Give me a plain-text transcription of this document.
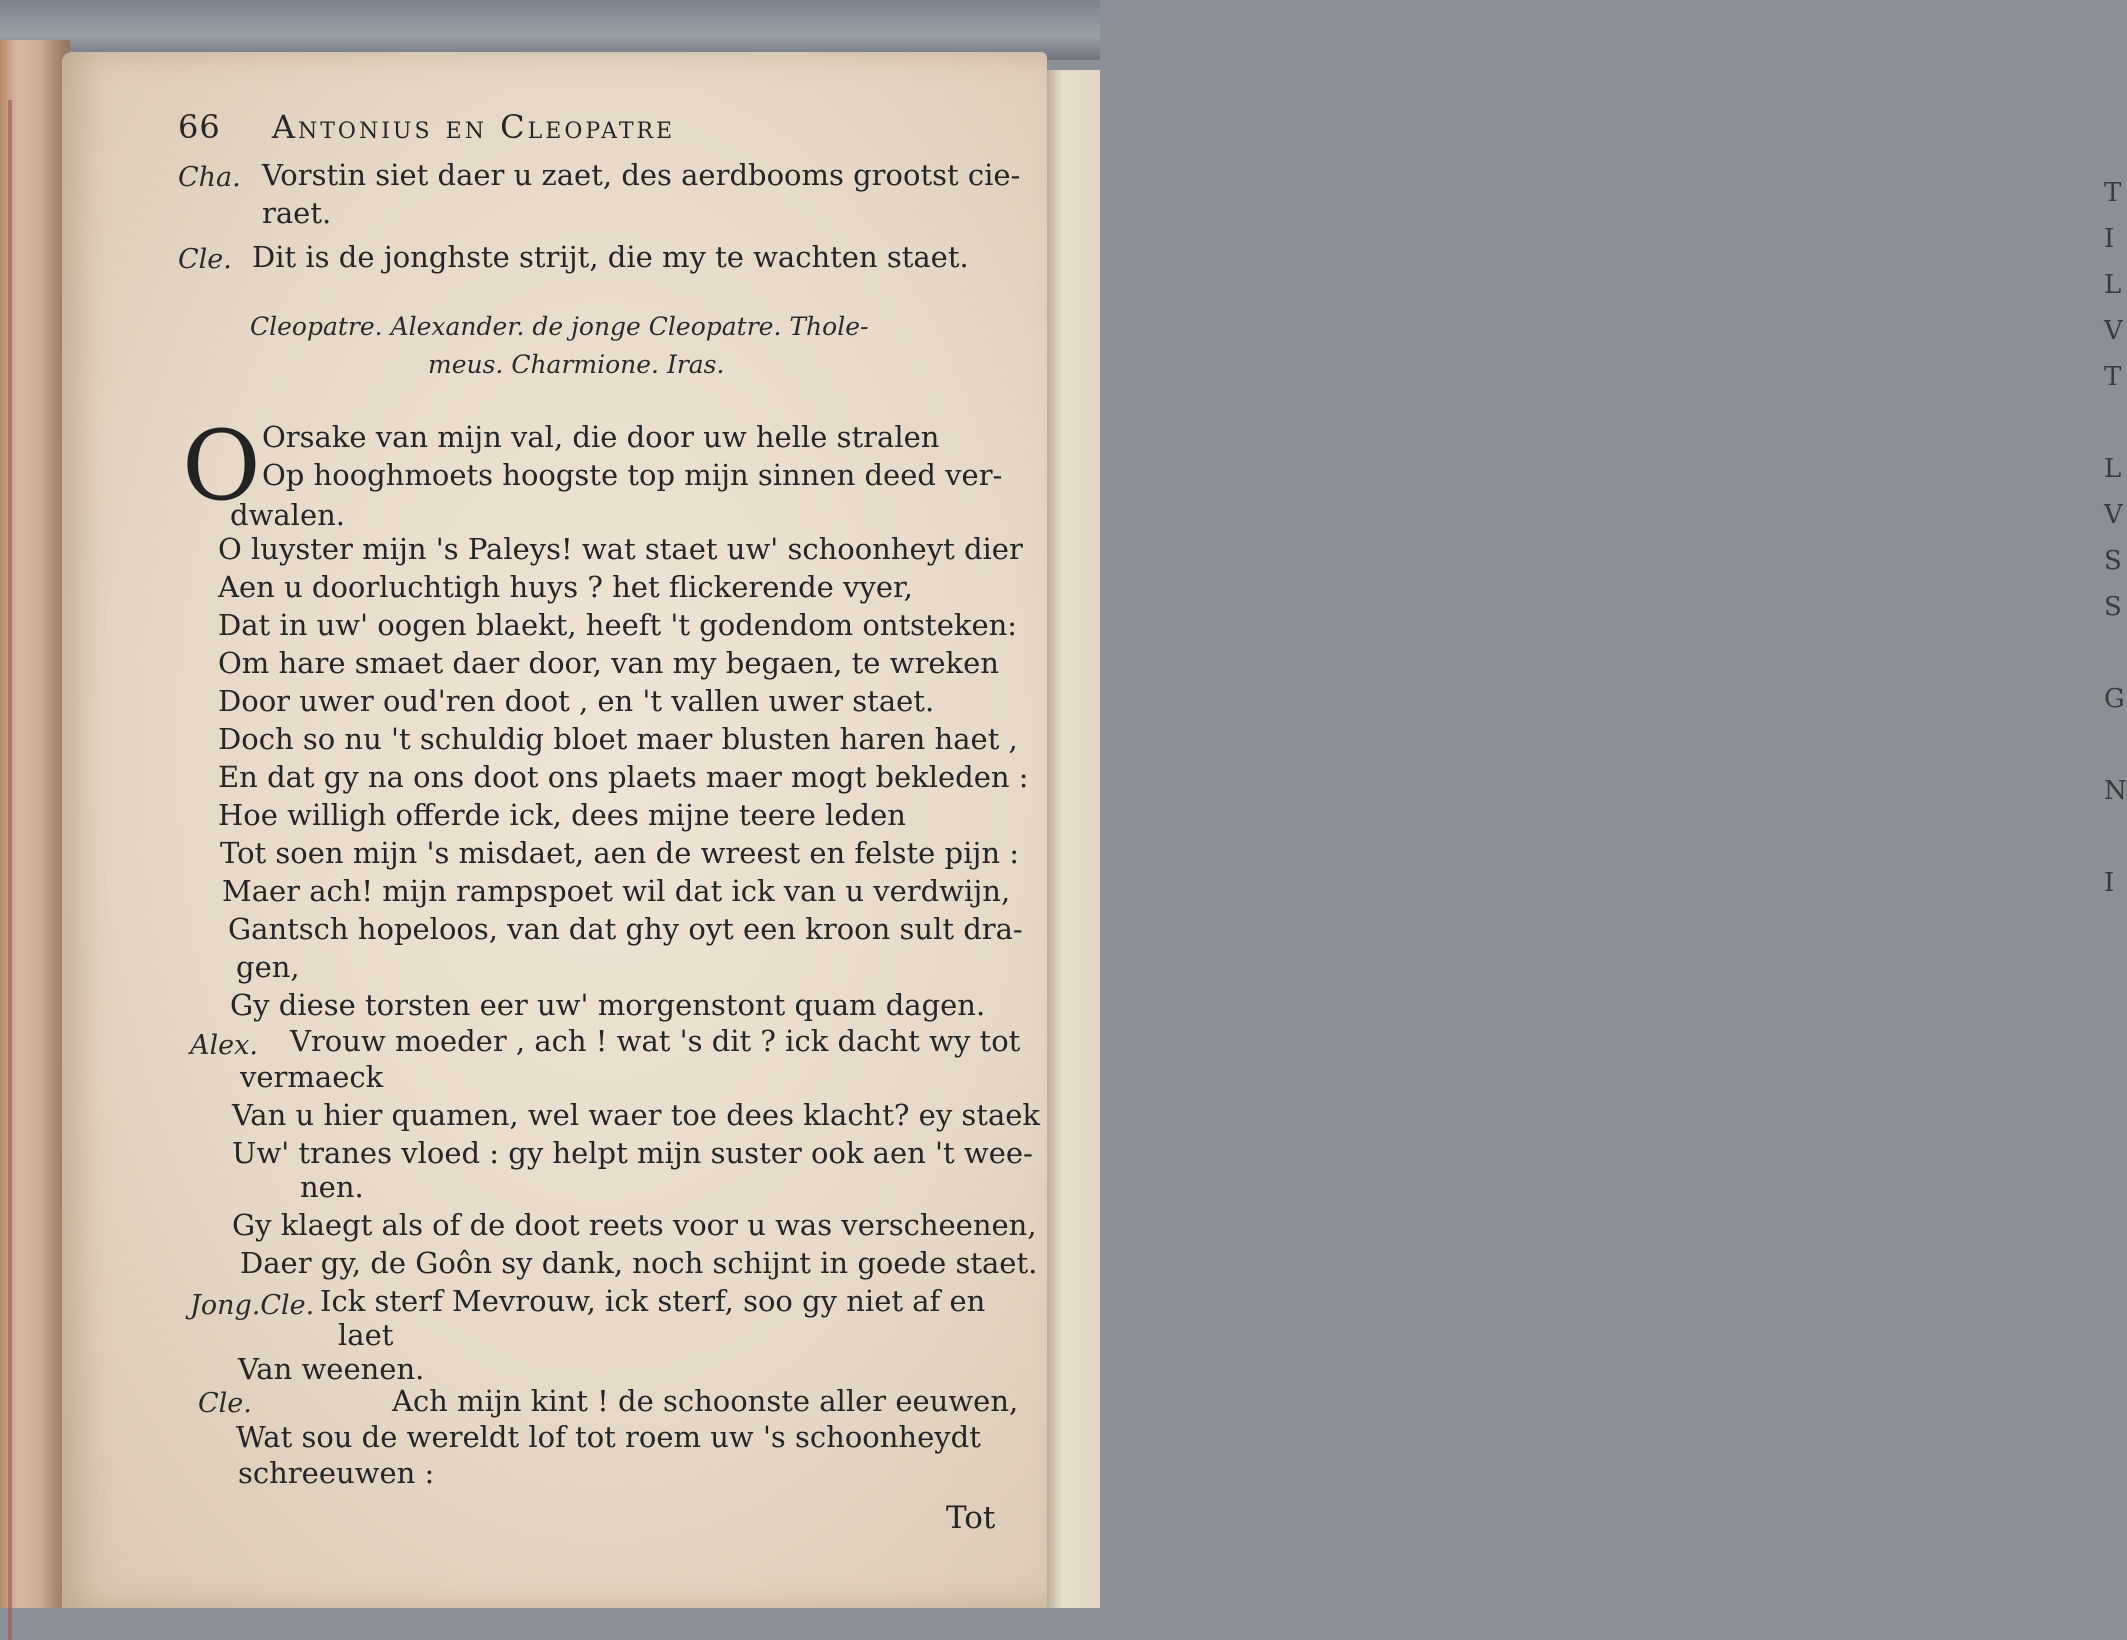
T
I
L
V
T

L
V
S
S

G

N

I
66 Antonius en Cleopatre
Cha. Vorstin siet daer u zaet, des aerdbooms grootst cie-
raet.
Cle. Dit is de jonghste strijt, die my te wachten staet.
Cleopatre. Alexander. de jonge Cleopatre. Thole-
meus. Charmione. Iras.
O Orsake van mijn val, die door uw helle stralen
Op hooghmoets hoogste top mijn sinnen deed ver-
dwalen.
O luyster mijn 's Paleys! wat staet uw' schoonheyt dier
Aen u doorluchtigh huys ? het flickerende vyer,
Dat in uw' oogen blaekt, heeft 't godendom ontsteken:
Om hare smaet daer door, van my begaen, te wreken
Door uwer oud'ren doot , en 't vallen uwer staet.
Doch so nu 't schuldig bloet maer blusten haren haet ,
En dat gy na ons doot ons plaets maer mogt bekleden :
Hoe willigh offerde ick, dees mijne teere leden
Tot soen mijn 's misdaet, aen de wreest en felste pijn :
Maer ach! mijn rampspoet wil dat ick van u verdwijn,
Gantsch hopeloos, van dat ghy oyt een kroon sult dra-
gen,
Gy diese torsten eer uw' morgenstont quam dagen.
Alex. Vrouw moeder , ach ! wat 's dit ? ick dacht wy tot
vermaeck
Van u hier quamen, wel waer toe dees klacht? ey staek
Uw' tranes vloed : gy helpt mijn suster ook aen 't wee-
nen.
Gy klaegt als of de doot reets voor u was verscheenen,
Daer gy, de Goôn sy dank, noch schijnt in goede staet.
Jong.Cle. Ick sterf Mevrouw, ick sterf, soo gy niet af en
laet
Van weenen.
Cle.	Ach mijn kint ! de schoonste aller eeuwen,
Wat sou de wereldt lof tot roem uw 's schoonheydt
schreeuwen :
Tot
